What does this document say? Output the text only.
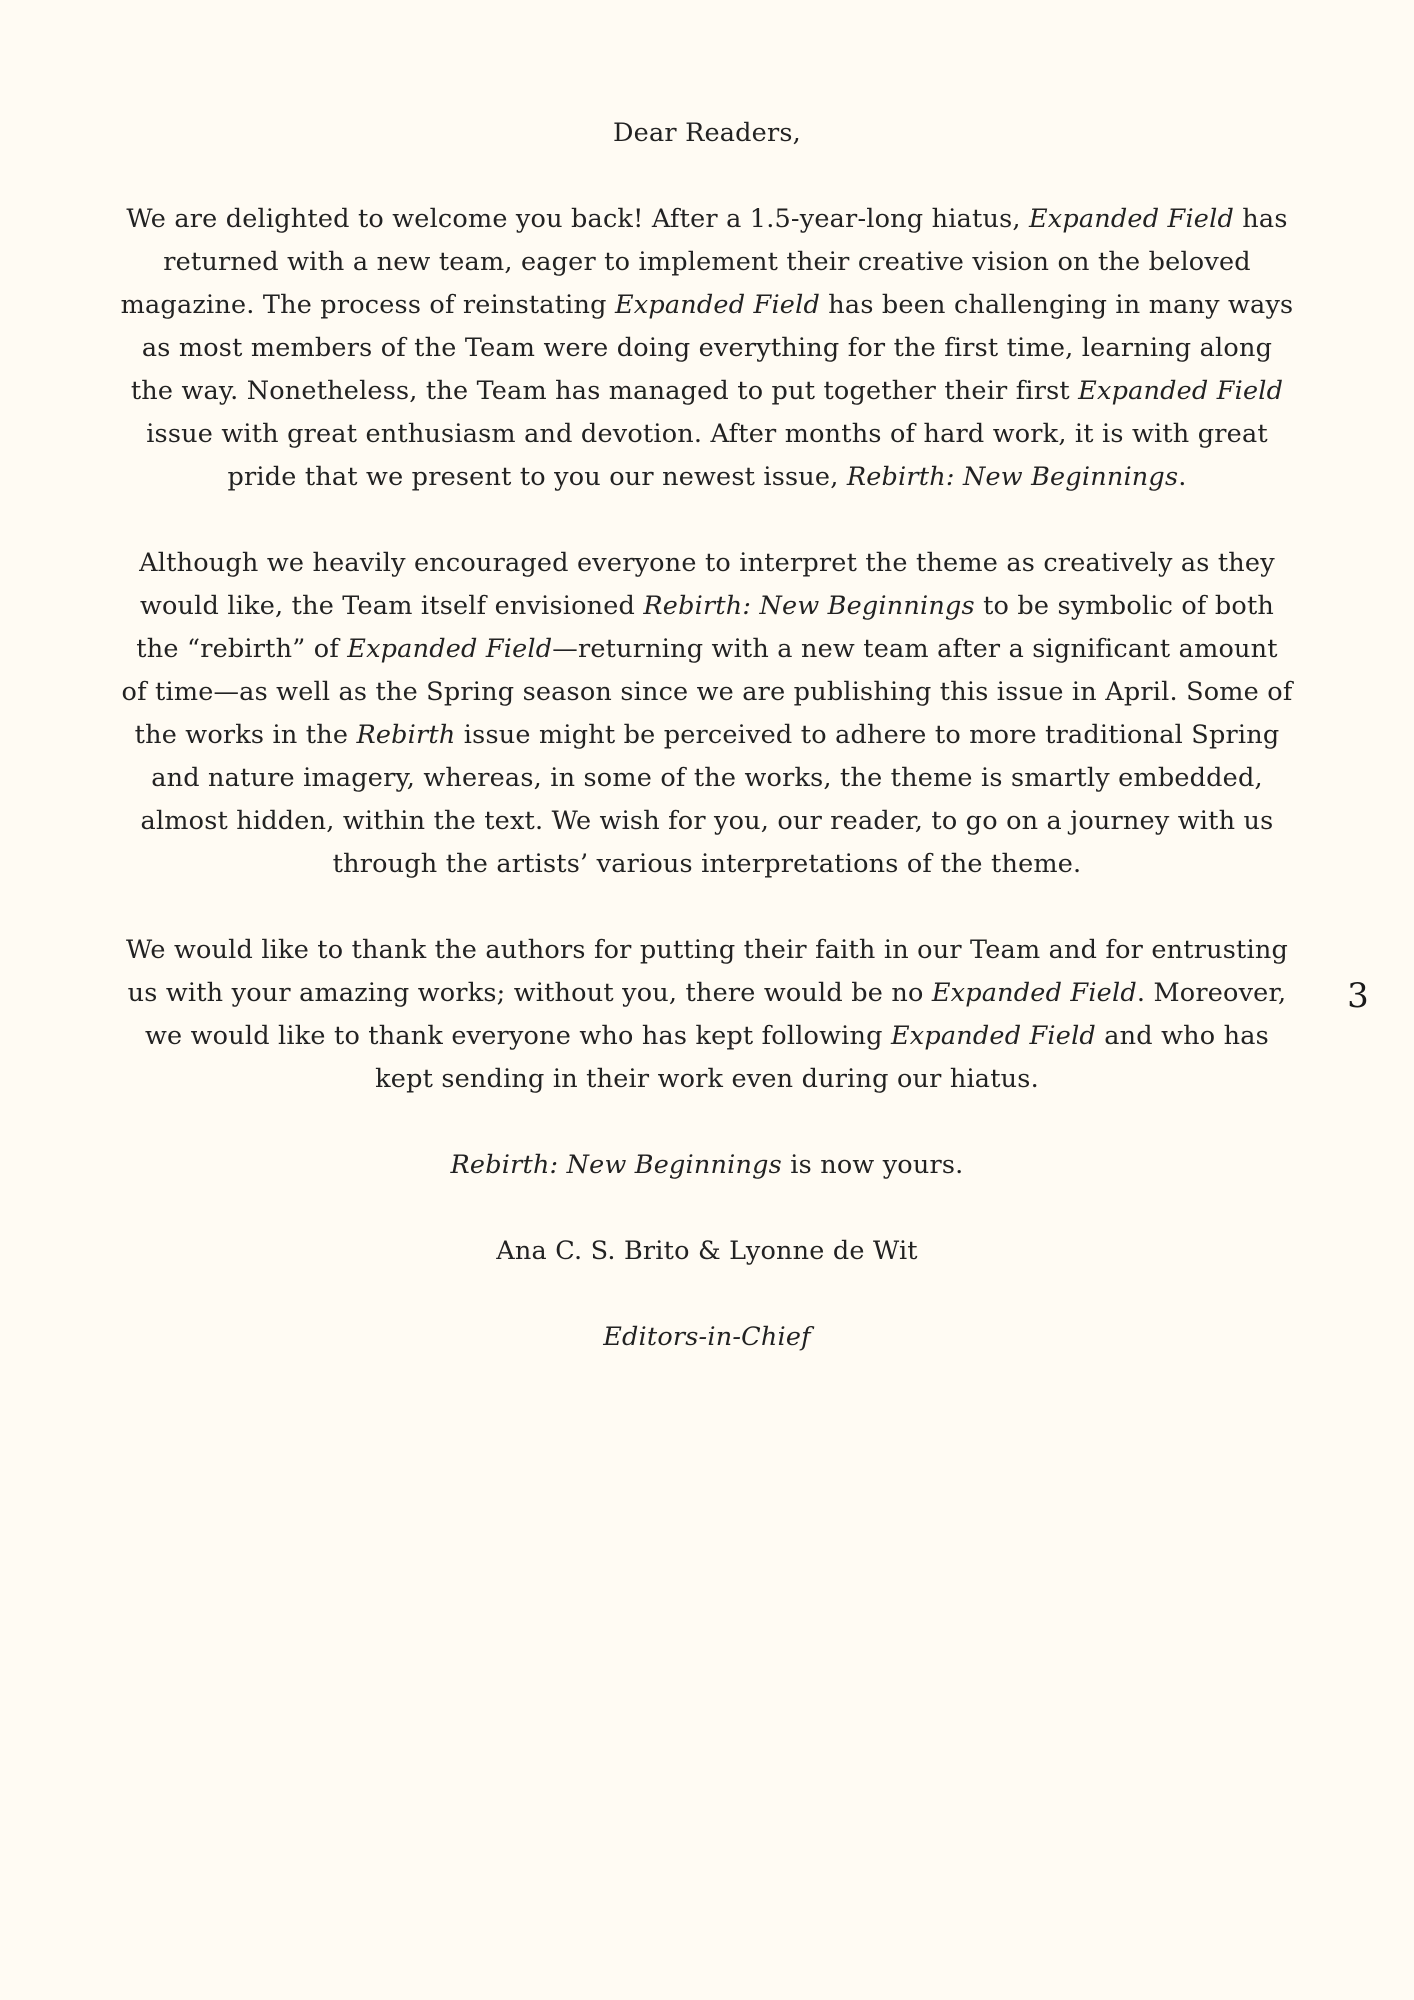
Dear Readers,

We are delighted to welcome you back! After a 1.5-year-long hiatus, Expanded Field has returned with a new team, eager to implement their creative vision on the beloved magazine. The process of reinstating Expanded Field has been challenging in many ways as most members of the Team were doing everything for the first time, learning along the way. Nonetheless, the Team has managed to put together their first Expanded Field issue with great enthusiasm and devotion. After months of hard work, it is with great pride that we present to you our newest issue, Rebirth: New Beginnings.

Although we heavily encouraged everyone to interpret the theme as creatively as they would like, the Team itself envisioned Rebirth: New Beginnings to be symbolic of both the “rebirth” of Expanded Field—returning with a new team after a significant amount of time—as well as the Spring season since we are publishing this issue in April. Some of the works in the Rebirth issue might be perceived to adhere to more traditional Spring and nature imagery, whereas, in some of the works, the theme is smartly embedded, almost hidden, within the text. We wish for you, our reader, to go on a journey with us through the artists’ various interpretations of the theme.

We would like to thank the authors for putting their faith in our Team and for entrusting us with your amazing works; without you, there would be no Expanded Field. Moreover, we would like to thank everyone who has kept following Expanded Field and who has kept sending in their work even during our hiatus.

Rebirth: New Beginnings is now yours.

Ana C. S. Brito & Lyonne de Wit

Editors-in-Chief

3
